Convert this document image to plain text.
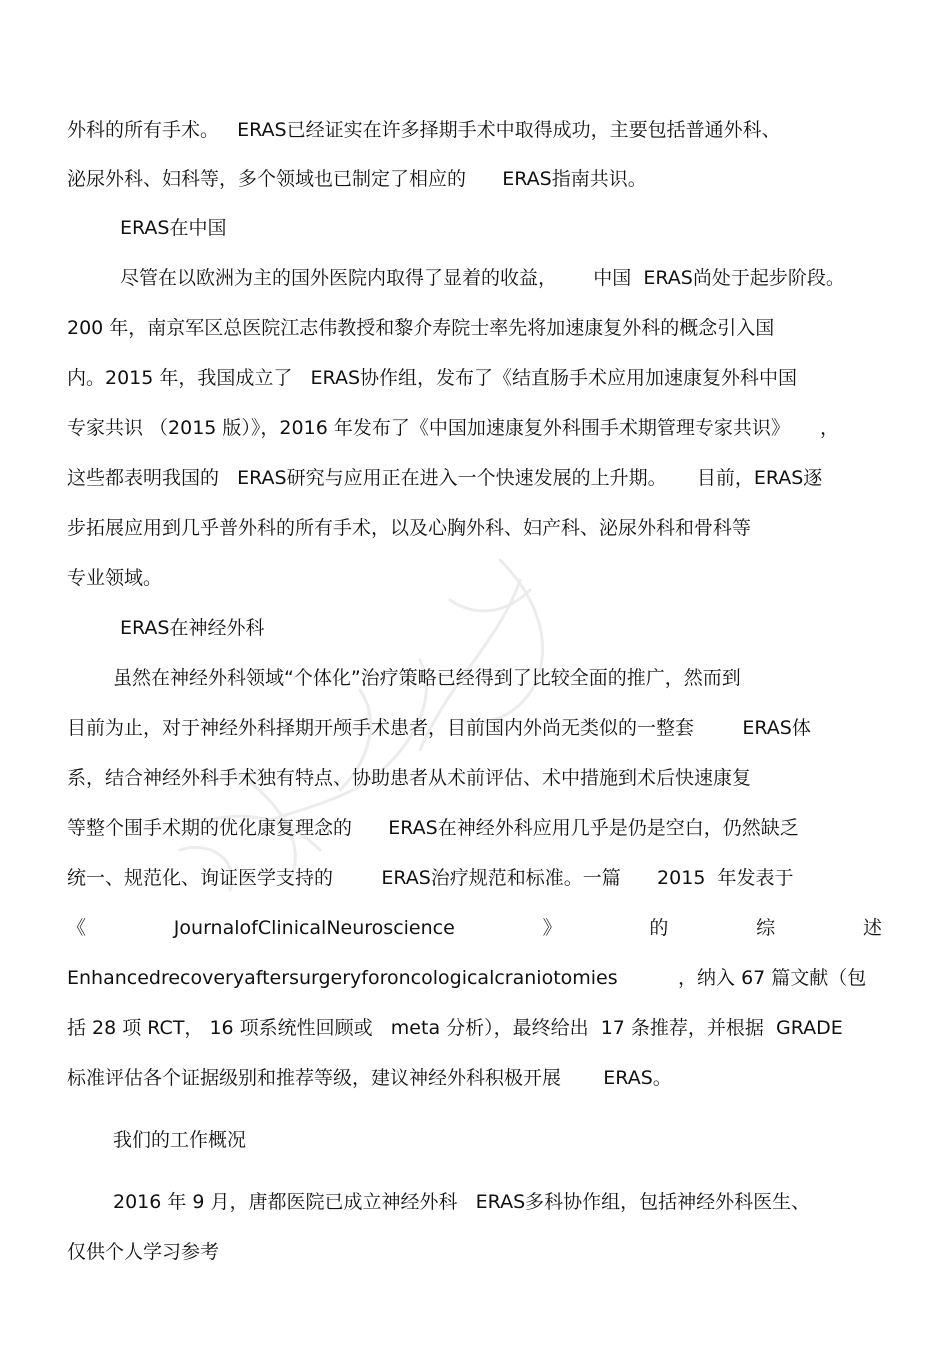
外科的所有手术。   ERAS已经证实在许多择期手术中取得成功，主要包括普通外科、
泌尿外科、妇科等，多个领域也已制定了相应的      ERAS指南共识。
ERAS在中国
尽管在以欧洲为主的国外医院内取得了显着的收益，      中国  ERAS尚处于起步阶段。
200 年，南京军区总医院江志伟教授和黎介寿院士率先将加速康复外科的概念引入国
内。2015 年，我国成立了   ERAS协作组，发布了《结直肠手术应用加速康复外科中国
专家共识 （2015 版）》，2016 年发布了《中国加速康复外科围手术期管理专家共识》     ，
这些都表明我国的   ERAS研究与应用正在进入一个快速发展的上升期。     目前，ERAS逐
步拓展应用到几乎普外科的所有手术，以及心胸外科、妇产科、泌尿外科和骨科等
专业领域。
ERAS在神经外科
虽然在神经外科领域“个体化”治疗策略已经得到了比较全面的推广，然而到
目前为止，对于神经外科择期开颅手术患者，目前国内外尚无类似的一整套        ERAS体
系，结合神经外科手术独有特点、协助患者从术前评估、术中措施到术后快速康复
等整个围手术期的优化康复理念的      ERAS在神经外科应用几乎是仍是空白，仍然缺乏
统一、规范化、询证医学支持的        ERAS治疗规范和标准。一篇      2015  年发表于
《	JournalofClinicalNeuroscience	》	的	综	述
Enhancedrecoveryaftersurgeryforoncologicalcraniotomies          ，纳入 67 篇文献（包
括 28 项 RCT， 16 项系统性回顾或   meta 分析），最终给出  17 条推荐，并根据  GRADE
标准评估各个证据级别和推荐等级，建议神经外科积极开展       ERAS。
我们的工作概况
2016 年 9 月，唐都医院已成立神经外科   ERAS多科协作组，包括神经外科医生、
仅供个人学习参考
